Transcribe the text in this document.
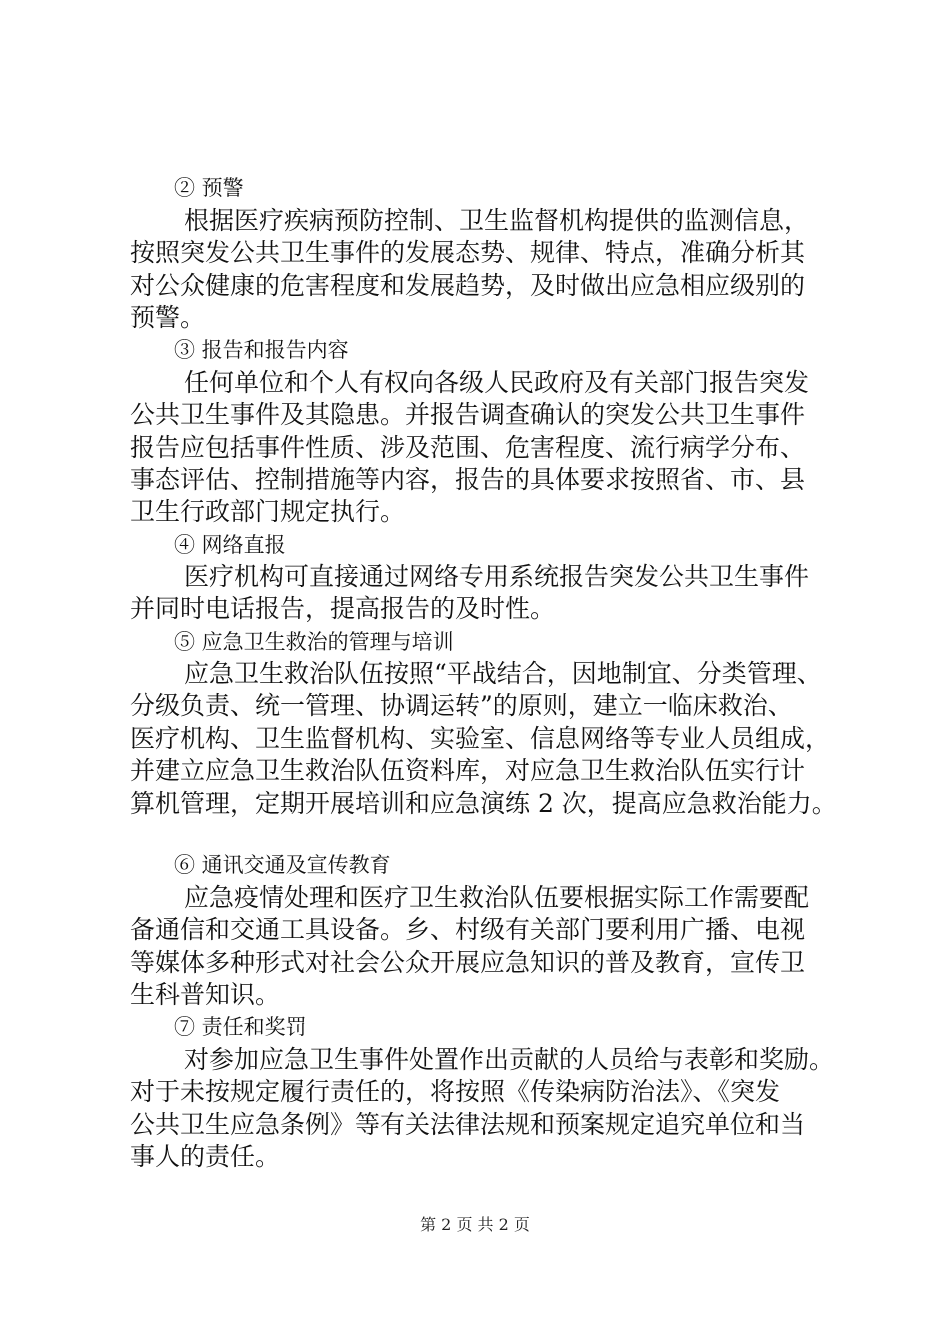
② 预警
根据医疗疾病预防控制、卫生监督机构提供的监测信息，
按照突发公共卫生事件的发展态势、规律、特点，准确分析其
对公众健康的危害程度和发展趋势，及时做出应急相应级别的
预警。
③ 报告和报告内容
任何单位和个人有权向各级人民政府及有关部门报告突发
公共卫生事件及其隐患。并报告调查确认的突发公共卫生事件
报告应包括事件性质、涉及范围、危害程度、流行病学分布、
事态评估、控制措施等内容，报告的具体要求按照省、市、县
卫生行政部门规定执行。
④ 网络直报
医疗机构可直接通过网络专用系统报告突发公共卫生事件
并同时电话报告，提高报告的及时性。
⑤ 应急卫生救治的管理与培训
应急卫生救治队伍按照“平战结合，因地制宜、分类管理、
分级负责、统一管理、协调运转”的原则，建立一临床救治、
医疗机构、卫生监督机构、实验室、信息网络等专业人员组成，
并建立应急卫生救治队伍资料库，对应急卫生救治队伍实行计
算机管理，定期开展培训和应急演练 2 次，提高应急救治能力。
⑥ 通讯交通及宣传教育
应急疫情处理和医疗卫生救治队伍要根据实际工作需要配
备通信和交通工具设备。乡、村级有关部门要利用广播、电视
等媒体多种形式对社会公众开展应急知识的普及教育，宣传卫
生科普知识。
⑦ 责任和奖罚
对参加应急卫生事件处置作出贡献的人员给与表彰和奖励。
对于未按规定履行责任的，将按照《传染病防治法》、《突发
公共卫生应急条例》等有关法律法规和预案规定追究单位和当
事人的责任。
第 2 页 共 2 页
